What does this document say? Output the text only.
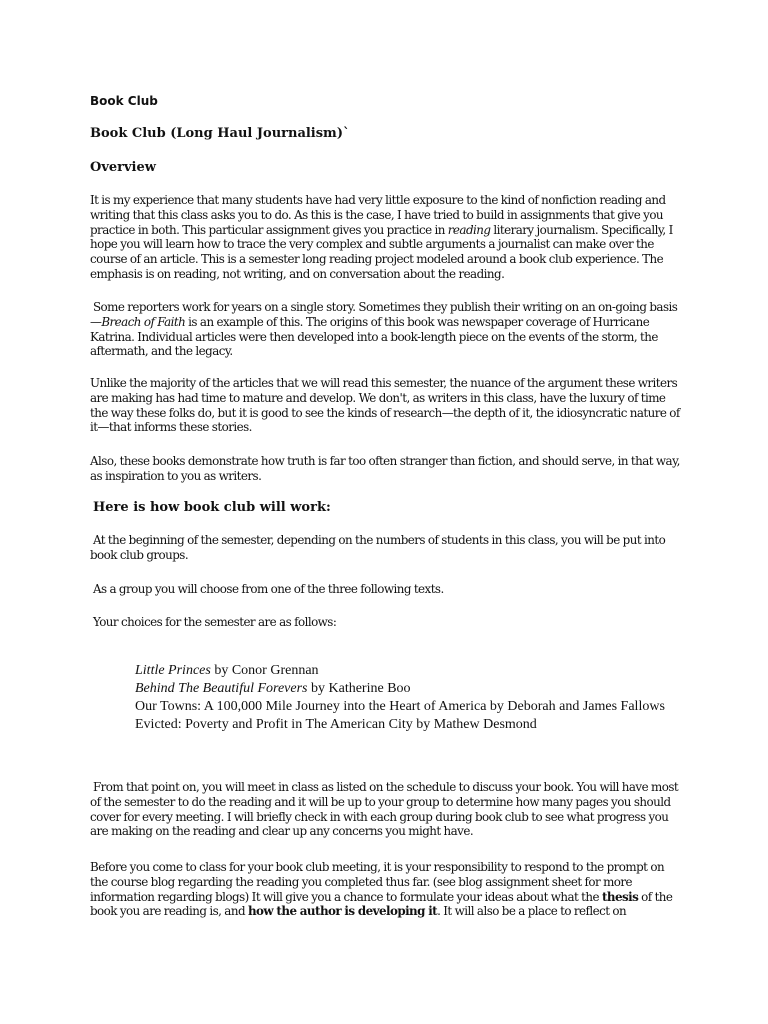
Book Club
Book Club (Long Haul Journalism)`
Overview

It is my experience that many students have had very little exposure to the kind of nonfiction reading and writing that this class asks you to do. As this is the case, I have tried to build in assignments that give you practice in both. This particular assignment gives you practice in reading literary journalism. Specifically, I hope you will learn how to trace the very complex and subtle arguments a journalist can make over the course of an article. This is a semester long reading project modeled around a book club experience. The emphasis is on reading, not writing, and on conversation about the reading.

Some reporters work for years on a single story. Sometimes they publish their writing on an on-going basis—Breach of Faith is an example of this. The origins of this book was newspaper coverage of Hurricane Katrina. Individual articles were then developed into a book-length piece on the events of the storm, the aftermath, and the legacy.

Unlike the majority of the articles that we will read this semester, the nuance of the argument these writers are making has had time to mature and develop. We don't, as writers in this class, have the luxury of time the way these folks do, but it is good to see the kinds of research—the depth of it, the idiosyncratic nature of it—that informs these stories.

Also, these books demonstrate how truth is far too often stranger than fiction, and should serve, in that way, as inspiration to you as writers.

Here is how book club will work:

At the beginning of the semester, depending on the numbers of students in this class, you will be put into book club groups.

As a group you will choose from one of the three following texts.

Your choices for the semester are as follows:

Little Princes by Conor Grennan
Behind The Beautiful Forevers by Katherine Boo
Our Towns: A 100,000 Mile Journey into the Heart of America by Deborah and James Fallows
Evicted: Poverty and Profit in The American City by Mathew Desmond

From that point on, you will meet in class as listed on the schedule to discuss your book. You will have most of the semester to do the reading and it will be up to your group to determine how many pages you should cover for every meeting. I will briefly check in with each group during book club to see what progress you are making on the reading and clear up any concerns you might have.

Before you come to class for your book club meeting, it is your responsibility to respond to the prompt on the course blog regarding the reading you completed thus far. (see blog assignment sheet for more information regarding blogs) It will give you a chance to formulate your ideas about what the thesis of the book you are reading is, and how the author is developing it. It will also be a place to reflect on
